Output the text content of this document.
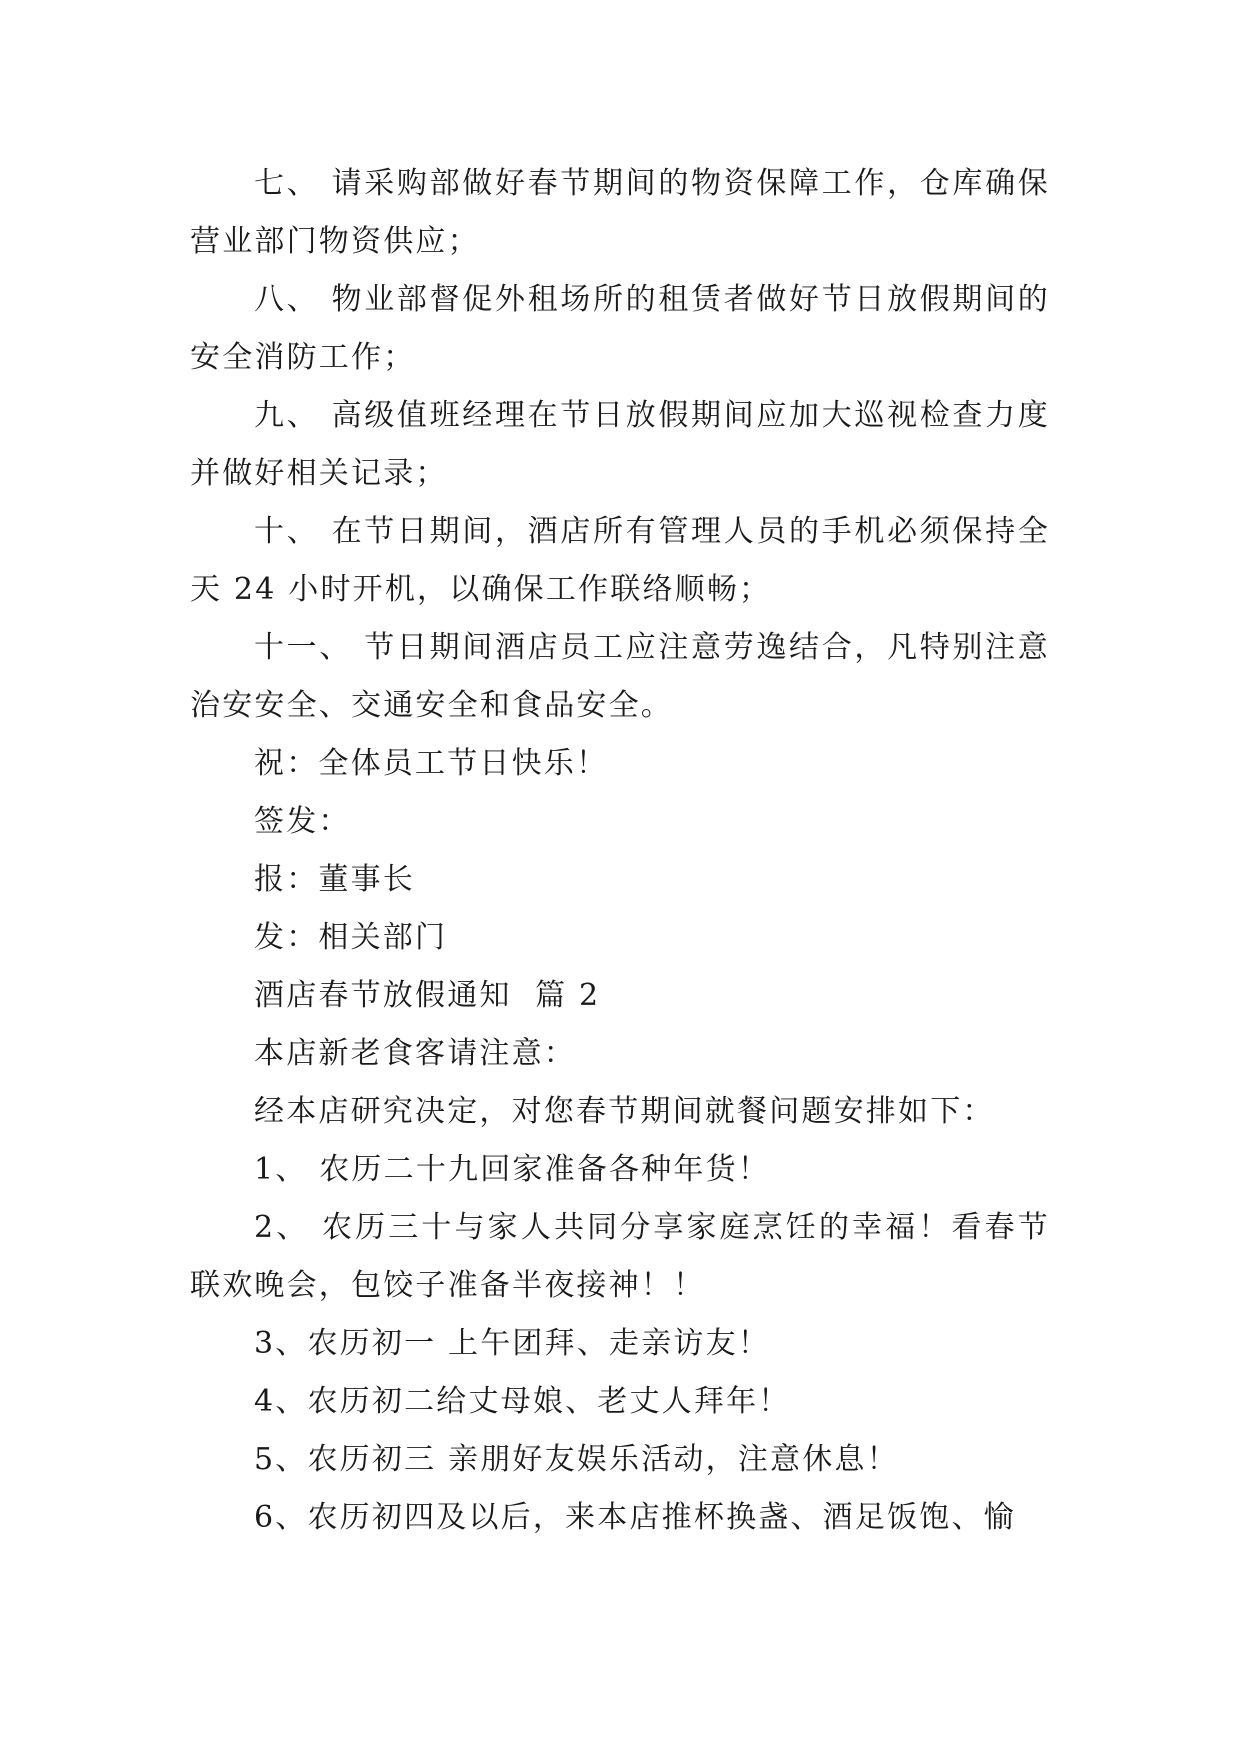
七、 请采购部做好春节期间的物资保障工作，仓库确保营业部门物资供应；

八、 物业部督促外租场所的租赁者做好节日放假期间的安全消防工作；

九、 高级值班经理在节日放假期间应加大巡视检查力度并做好相关记录；

十、 在节日期间，酒店所有管理人员的手机必须保持全天 24 小时开机，以确保工作联络顺畅；

十一、 节日期间酒店员工应注意劳逸结合，凡特别注意治安安全、交通安全和食品安全。

祝：全体员工节日快乐！

签发：

报：董事长

发：相关部门

酒店春节放假通知  篇 2

本店新老食客请注意：

经本店研究决定，对您春节期间就餐问题安排如下：

1、 农历二十九回家准备各种年货！

2、 农历三十与家人共同分享家庭烹饪的幸福！看春节联欢晚会，包饺子准备半夜接神！！

3、农历初一 上午团拜、走亲访友！

4、农历初二给丈母娘、老丈人拜年！

5、农历初三 亲朋好友娱乐活动，注意休息！

6、农历初四及以后，来本店推杯换盏、酒足饭饱、愉
